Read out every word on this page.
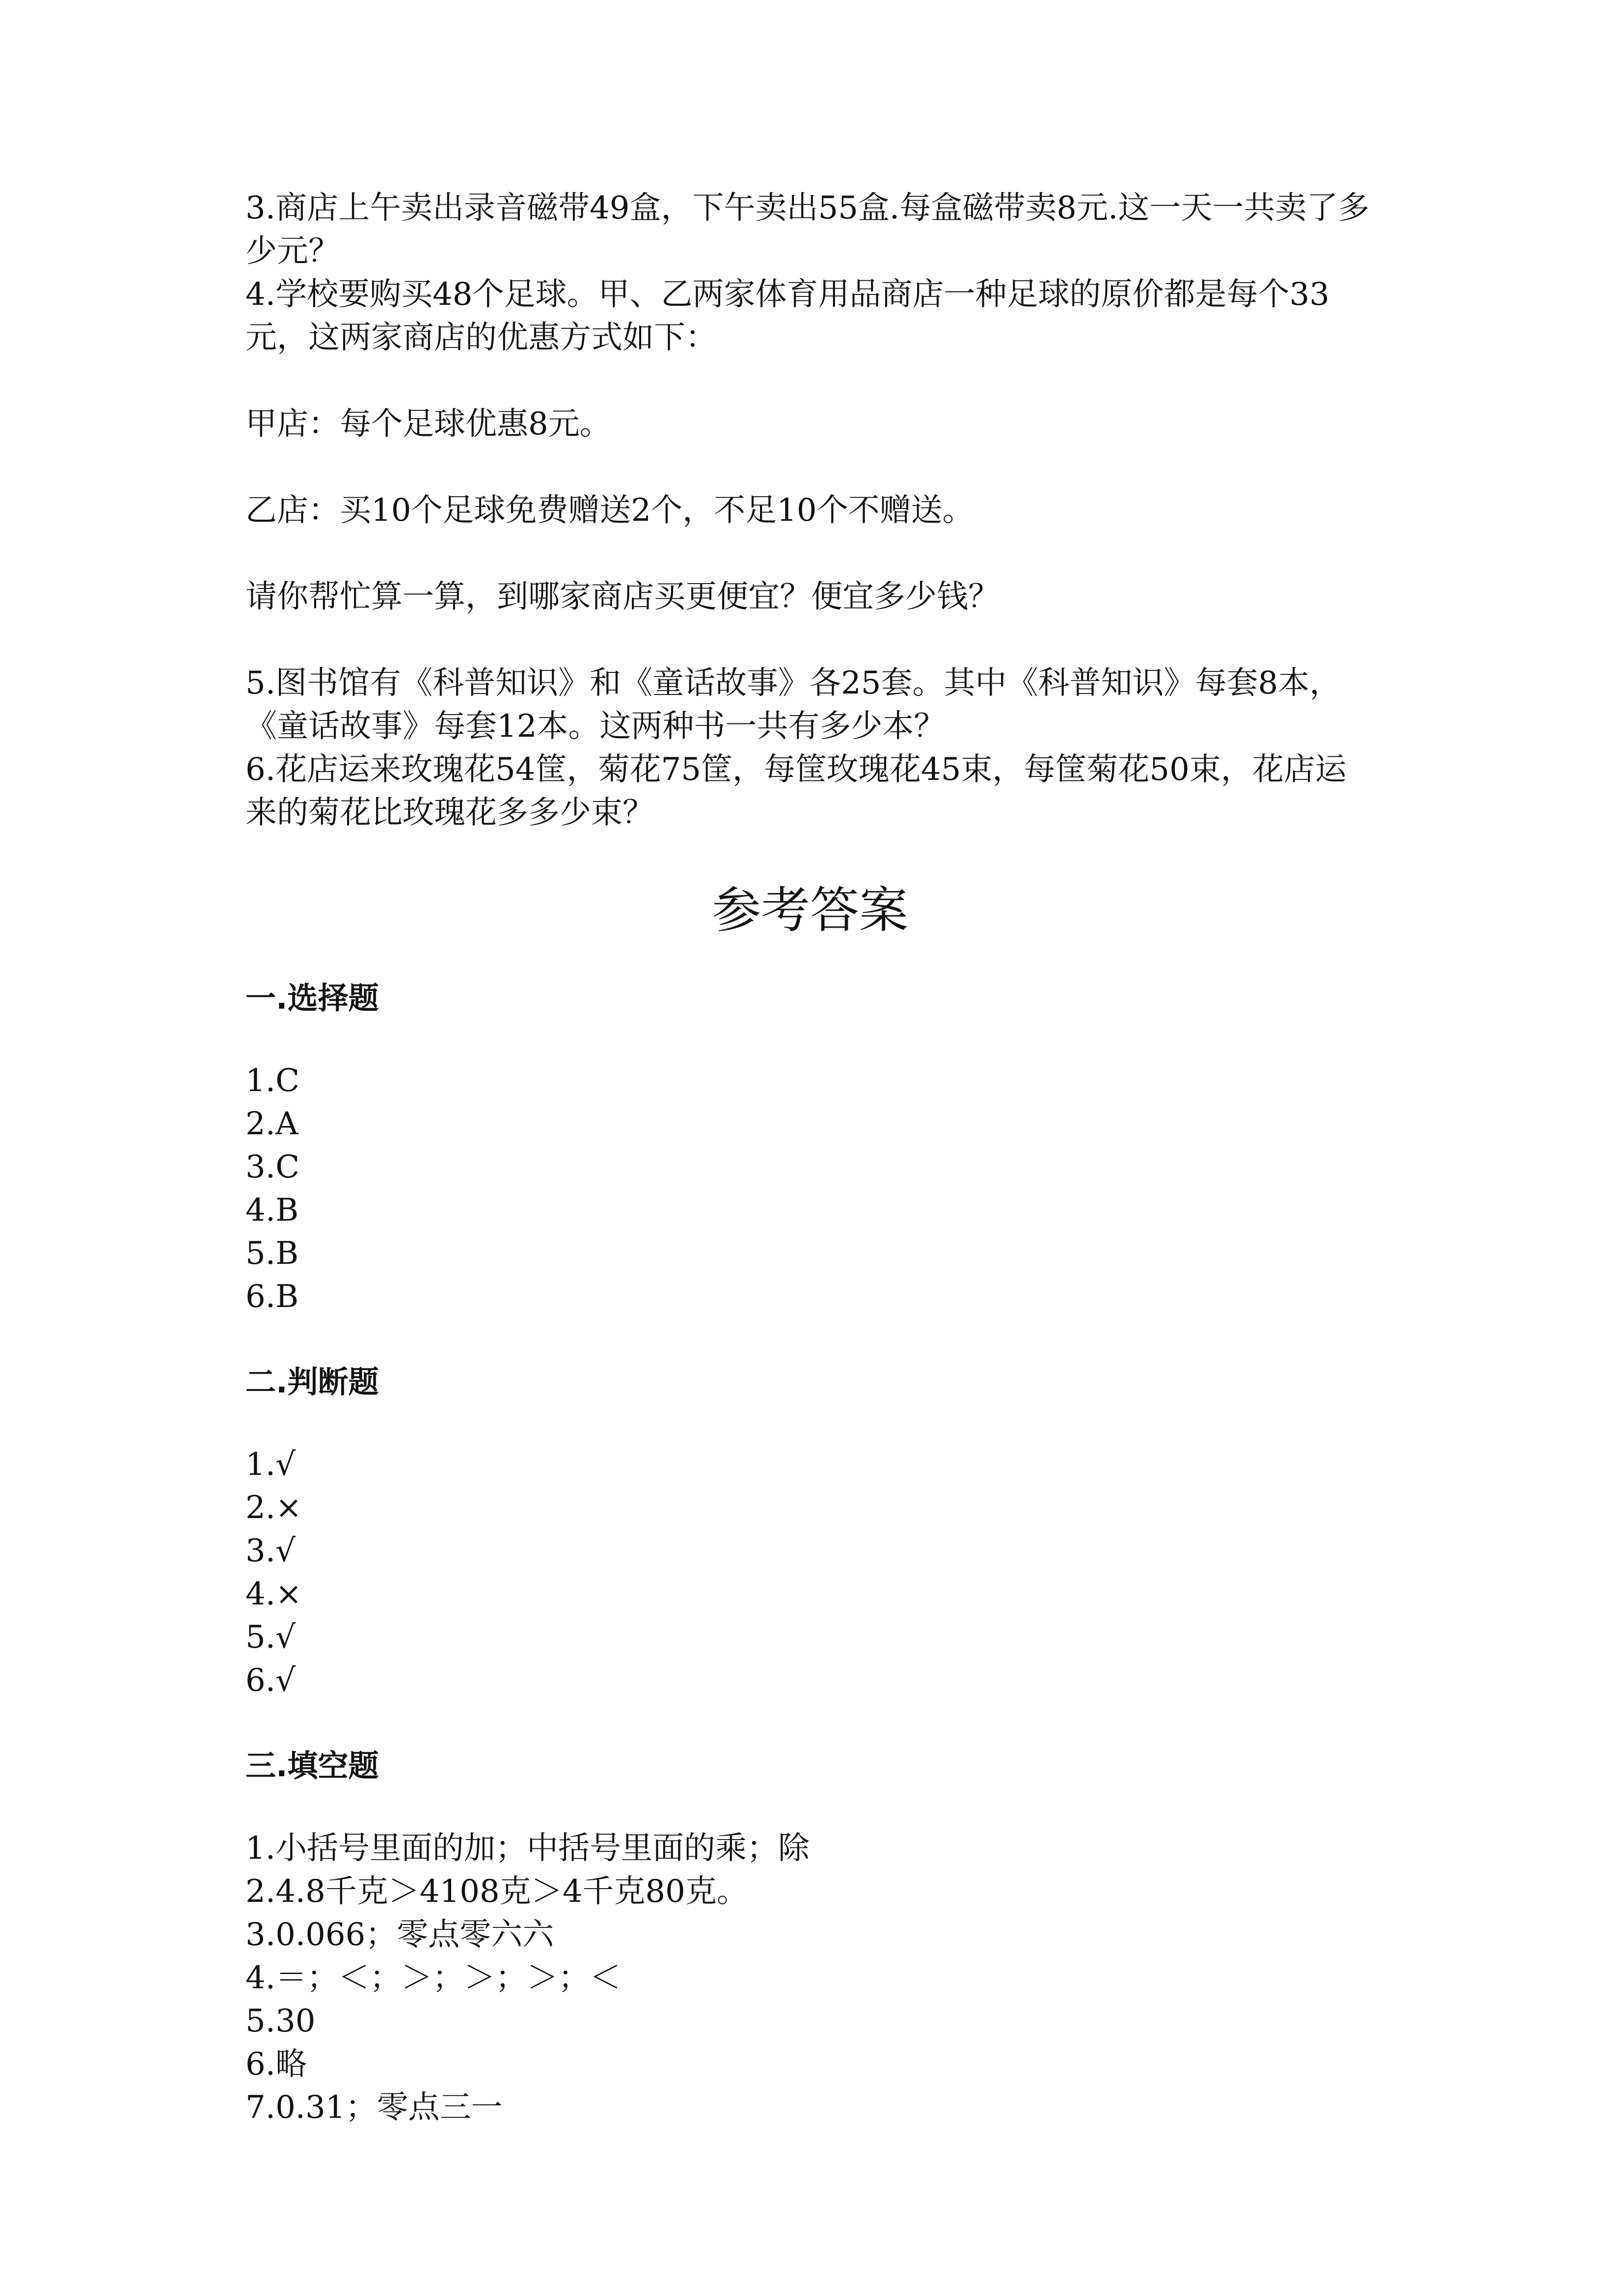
3.商店上午卖出录音磁带49盒，下午卖出55盒.每盒磁带卖8元.这一天一共卖了多少元？

4.学校要购买48个足球。甲、乙两家体育用品商店一种足球的原价都是每个33元，这两家商店的优惠方式如下：

甲店：每个足球优惠8元。

乙店：买10个足球免费赠送2个，不足10个不赠送。

请你帮忙算一算，到哪家商店买更便宜？便宜多少钱？

5.图书馆有《科普知识》和《童话故事》各25套。其中《科普知识》每套8本，《童话故事》每套12本。这两种书一共有多少本？

6.花店运来玫瑰花54筐，菊花75筐，每筐玫瑰花45束，每筐菊花50束，花店运来的菊花比玫瑰花多多少束？

参考答案
一.选择题

1.C

2.A

3.C

4.B

5.B

6.B

二.判断题

1.√

2.×

3.√

4.×

5.√

6.√

三.填空题

1.小括号里面的加；中括号里面的乘；除

2.4.8千克＞4108克＞4千克80克。

3.0.066；零点零六六

4.＝；＜；＞；＞；＞；＜

5.30

6.略

7.0.31；零点三一
